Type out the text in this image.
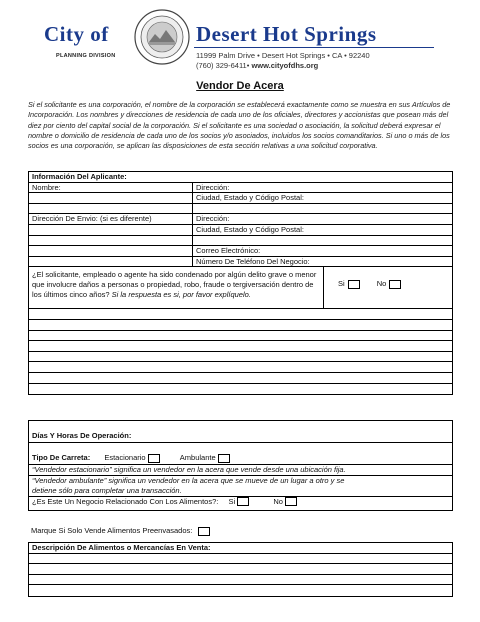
City of	Desert Hot Springs
PLANNING DIVISION	11999 Palm Drive • Desert Hot Springs • CA • 92240
(760) 329-6411• www.cityofdhs.org
Vendor De Acera
Si el solicitante es una corporación, el nombre de la corporación se establecerá exactamente como se muestra en sus Artículos de Incorporación. Los nombres y direcciones de residencia de cada uno de los oficiales, directores y accionistas que posean más del diez por ciento del capital social de la corporación. Si el solicitante es una sociedad o asociación, la solicitud deberá expresar el nombre o domicilio de residencia de cada uno de los socios y/o asociados, incluidos los socios comanditarios. Si uno o más de los socios es una corporación, se aplican las disposiciones de esta sección relativas a una solicitud corporativa.
Información Del Aplicante:
Nombre:	Dirección:
Ciudad, Estado y Código Postal:
Dirección De Envio: (si es diferente)	Dirección:
Ciudad, Estado y Código Postal:
Correo Electrónico:
Número De Teléfono Del Negocio:
¿El solicitante, empleado o agente ha sido condenado por algún delito grave o menor que involucre daños a personas o propiedad, robo, fraude o tergiversación dentro de los últimos cinco años? Si la respuesta es si, por favor explíquelo.
Si	No
Días Y Horas De Operación:
Tipo De Carreta: Estacionario	Ambulante
“Vendedor estacionario” significa un vendedor en la acera que vende desde una ubicación fija.
“Vendedor ambulante” significa un vendedor en la acera que se mueve de un lugar a otro y se
detiene sólo para completar una transacción.
¿Es Este Un Negocio Relacionado Con Los Alimentos?: Si	No
Marque Si Solo Vende Alimentos Preenvasados:
Descripción De Alimentos o Mercancías En Venta:
